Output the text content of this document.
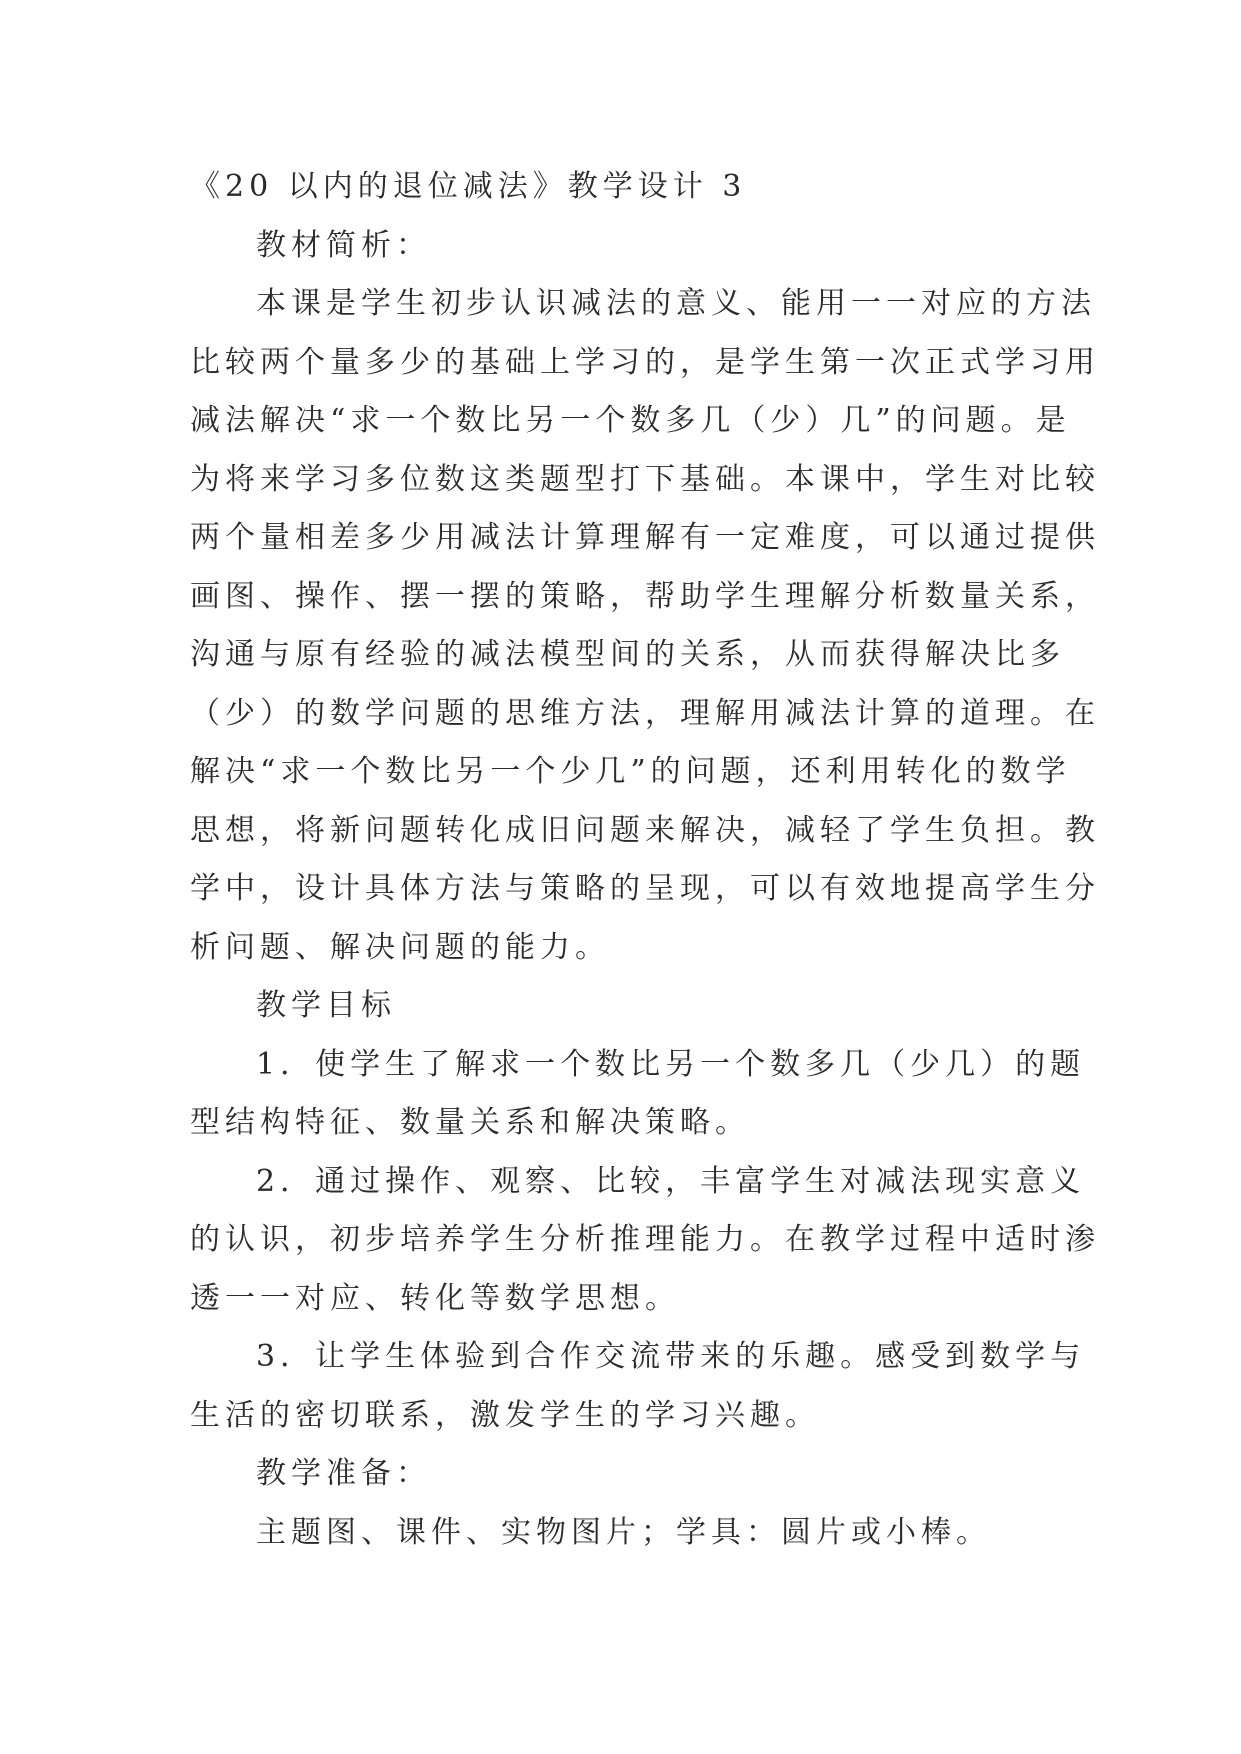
《20 以内的退位减法》教学设计 3
教材简析：
本课是学生初步认识减法的意义、能用一一对应的方法
比较两个量多少的基础上学习的，是学生第一次正式学习用
减法解决“求一个数比另一个数多几（少）几”的问题。是
为将来学习多位数这类题型打下基础。本课中，学生对比较
两个量相差多少用减法计算理解有一定难度，可以通过提供
画图、操作、摆一摆的策略，帮助学生理解分析数量关系，
沟通与原有经验的减法模型间的关系，从而获得解决比多
（少）的数学问题的思维方法，理解用减法计算的道理。在
解决“求一个数比另一个少几”的问题，还利用转化的数学
思想，将新问题转化成旧问题来解决，减轻了学生负担。教
学中，设计具体方法与策略的呈现，可以有效地提高学生分
析问题、解决问题的能力。
教学目标
1．使学生了解求一个数比另一个数多几（少几）的题
型结构特征、数量关系和解决策略。
2．通过操作、观察、比较，丰富学生对减法现实意义
的认识，初步培养学生分析推理能力。在教学过程中适时渗
透一一对应、转化等数学思想。
3．让学生体验到合作交流带来的乐趣。感受到数学与
生活的密切联系，激发学生的学习兴趣。
教学准备：
主题图、课件、实物图片；学具：圆片或小棒。
